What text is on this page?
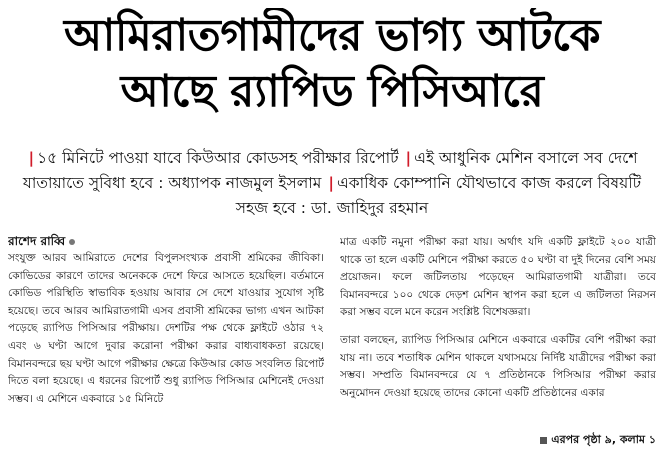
আমিরাতগামীদের ভাগ্য আটকে
আছে র‍্যাপিড পিসিআরে
| ১৫ মিনিটে পাওয়া যাবে কিউআর কোডসহ পরীক্ষার রিপোর্ট | এই আধুনিক মেশিন বসালে সব দেশে যাতায়াতে সুবিধা হবে : অধ্যাপক নাজমুল ইসলাম | একাধিক কোম্পানি যৌথভাবে কাজ করলে বিষয়টি সহজ হবে : ডা. জাহিদুর রহমান
রাশেদ রাব্বি

সংযুক্ত আরব আমিরাতে দেশের বিপুলসংখ্যক প্রবাসী শ্রমিকের জীবিকা। কোভিডের কারণে তাদের অনেককে দেশে ফিরে আসতে হয়েছিল। বর্তমানে কোভিড পরিস্থিতি স্বাভাবিক হওয়ায় আবার সে দেশে যাওয়ার সুযোগ সৃষ্টি হয়েছে। তবে আরব আমিরাতগামী এসব প্রবাসী শ্রমিকের ভাগ্য এখন আটকা পড়েছে র‍্যাপিড পিসিআর পরীক্ষায়। দেশটির পক্ষ থেকে ফ্লাইটে ওঠার ৭২ এবং ৬ ঘণ্টা আগে দুবার করোনা পরীক্ষা করার বাধ্যবাধকতা রয়েছে। বিমানবন্দরে ছয় ঘণ্টা আগে পরীক্ষার ক্ষেত্রে কিউআর কোড সংবলিত রিপোর্ট দিতে বলা হয়েছে। এ ধরনের রিপোর্ট শুধু র‍্যাপিড পিসিআর মেশিনেই দেওয়া সম্ভব। এ মেশিনে একবারে ১৫ মিনিটে

মাত্র একটি নমুনা পরীক্ষা করা যায়। অর্থাৎ যদি একটি ফ্লাইটে ২০০ যাত্রী থাকে তা হলে একটি মেশিনে পরীক্ষা করতে ৫০ ঘণ্টা বা দুই দিনের বেশি সময় প্রয়োজন। ফলে জটিলতায় পড়েছেন আমিরাতগামী যাত্রীরা। তবে বিমানবন্দরে ১০০ থেকে দেড়শ মেশিন স্থাপন করা হলে এ জটিলতা নিরসন করা সম্ভব বলে মনে করেন সংশ্লিষ্ট বিশেষজ্ঞরা।

তারা বলছেন, র‍্যাপিড পিসিআর মেশিনে একবারে একটির বেশি পরীক্ষা করা যায় না। তবে শতাধিক মেশিন থাকলে যথাসময়ে নির্দিষ্ট যাত্রীদের পরীক্ষা করা সম্ভব। সম্প্রতি বিমানবন্দরে যে ৭ প্রতিষ্ঠানকে পিসিআর পরীক্ষা করার অনুমোদন দেওয়া হয়েছে তাদের কোনো একটি প্রতিষ্ঠানের একার

এরপর পৃষ্ঠা ৯, কলাম ১
